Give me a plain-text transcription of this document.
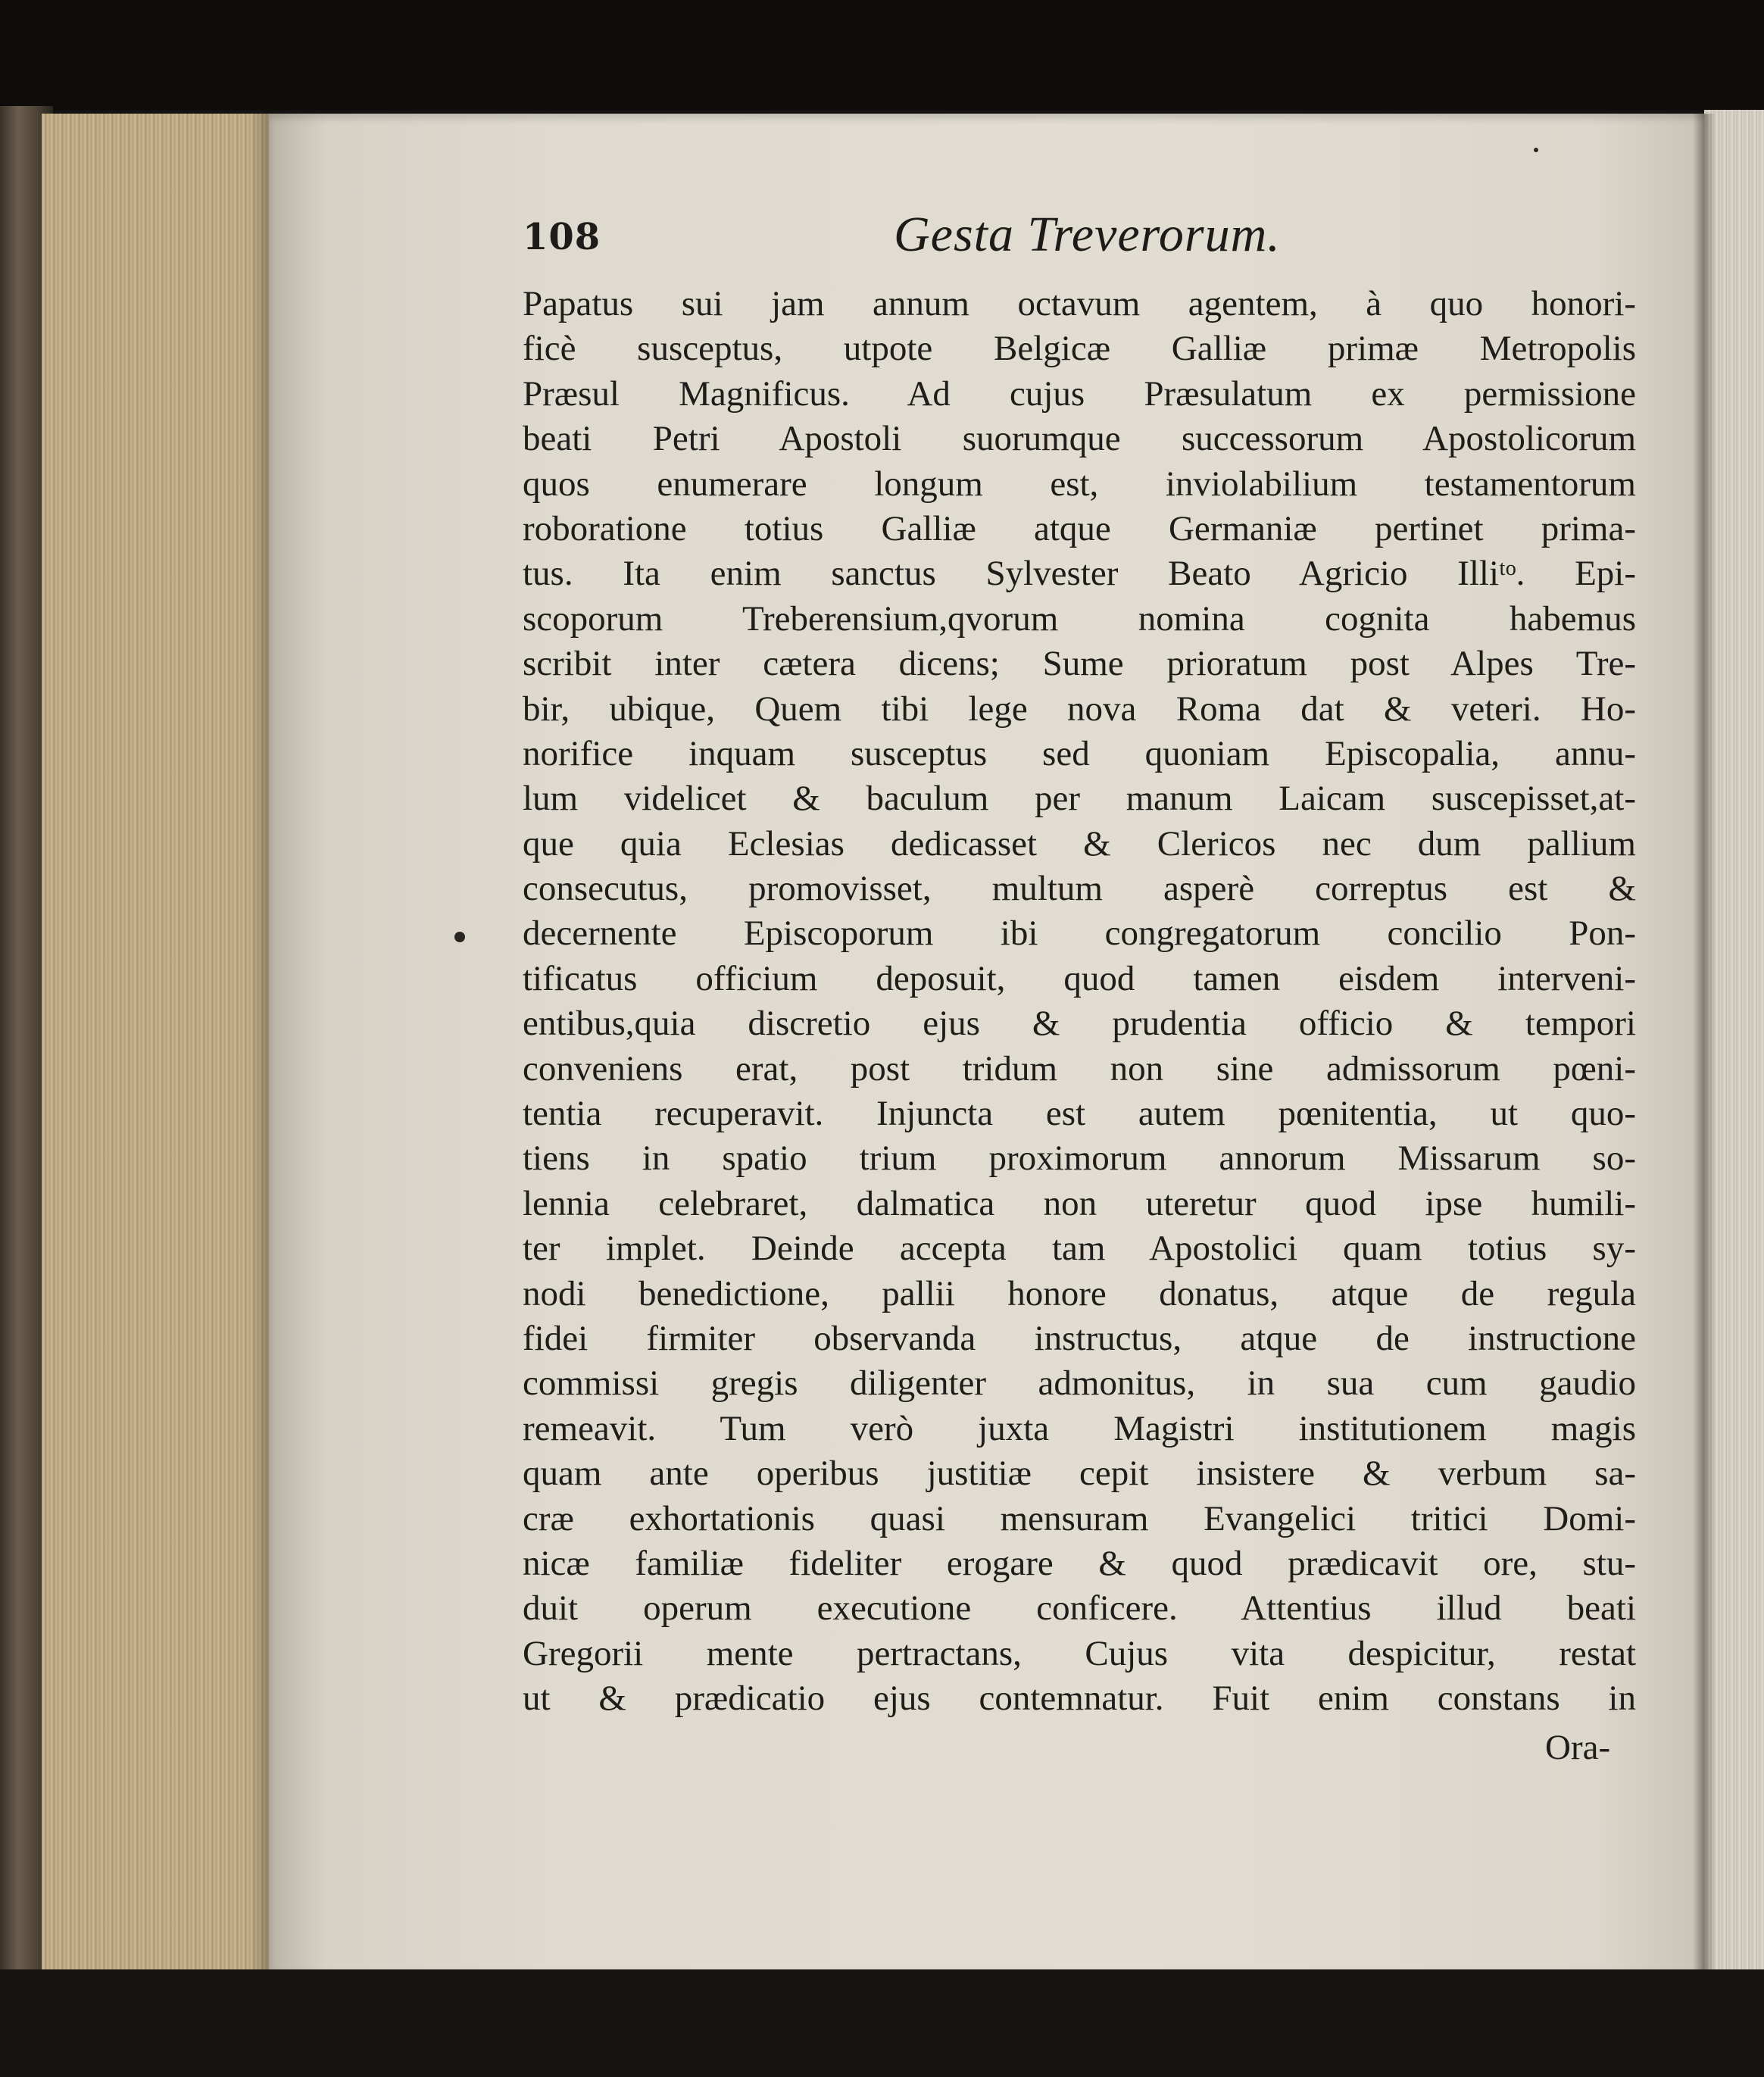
108	Gesta Treverorum.
Papatus sui jam annum octavum agentem, à quo honori-
ficè susceptus, utpote Belgicæ Galliæ primæ Metropolis
Præsul Magnificus. Ad cujus Præsulatum ex permissione
beati Petri Apostoli suorumque successorum Apostolicorum
quos enumerare longum est, inviolabilium testamentorum
roboratione totius Galliæ atque Germaniæ pertinet prima-
tus. Ita enim sanctus Sylvester Beato Agricio Illi⁠ᵗᵒ. Epi-
scoporum Treberensium,qvorum nomina cognita habemus
scribit inter cætera dicens; Sume prioratum post Alpes Tre-
bir, ubique, Quem tibi lege nova Roma dat & veteri. Ho-
norifice inquam susceptus sed quoniam Episcopalia, annu-
lum videlicet & baculum per manum Laicam suscepisset,at-
que quia Eclesias dedicasset & Clericos nec dum pallium
consecutus, promovisset, multum asperè correptus est &
decernente Episcoporum ibi congregatorum concilio Pon-
tificatus officium deposuit, quod tamen eisdem interveni-
entibus,quia discretio ejus & prudentia officio & tempori
conveniens erat, post tridum non sine admissorum pœni-
tentia recuperavit. Injuncta est autem pœnitentia, ut quo-
tiens in spatio trium proximorum annorum Missarum so-
lennia celebraret, dalmatica non uteretur quod ipse humili-
ter implet. Deinde accepta tam Apostolici quam totius sy-
nodi benedictione, pallii honore donatus, atque de regula
fidei firmiter observanda instructus, atque de instructione
commissi gregis diligenter admonitus, in sua cum gaudio
remeavit. Tum verò juxta Magistri institutionem magis
quam ante operibus justitiæ cepit insistere & verbum sa-
cræ exhortationis quasi mensuram Evangelici tritici Domi-
nicæ familiæ fideliter erogare & quod prædicavit ore, stu-
duit operum executione conficere. Attentius illud beati
Gregorii mente pertractans, Cujus vita despicitur, restat
ut & prædicatio ejus contemnatur. Fuit enim constans in
Ora-
